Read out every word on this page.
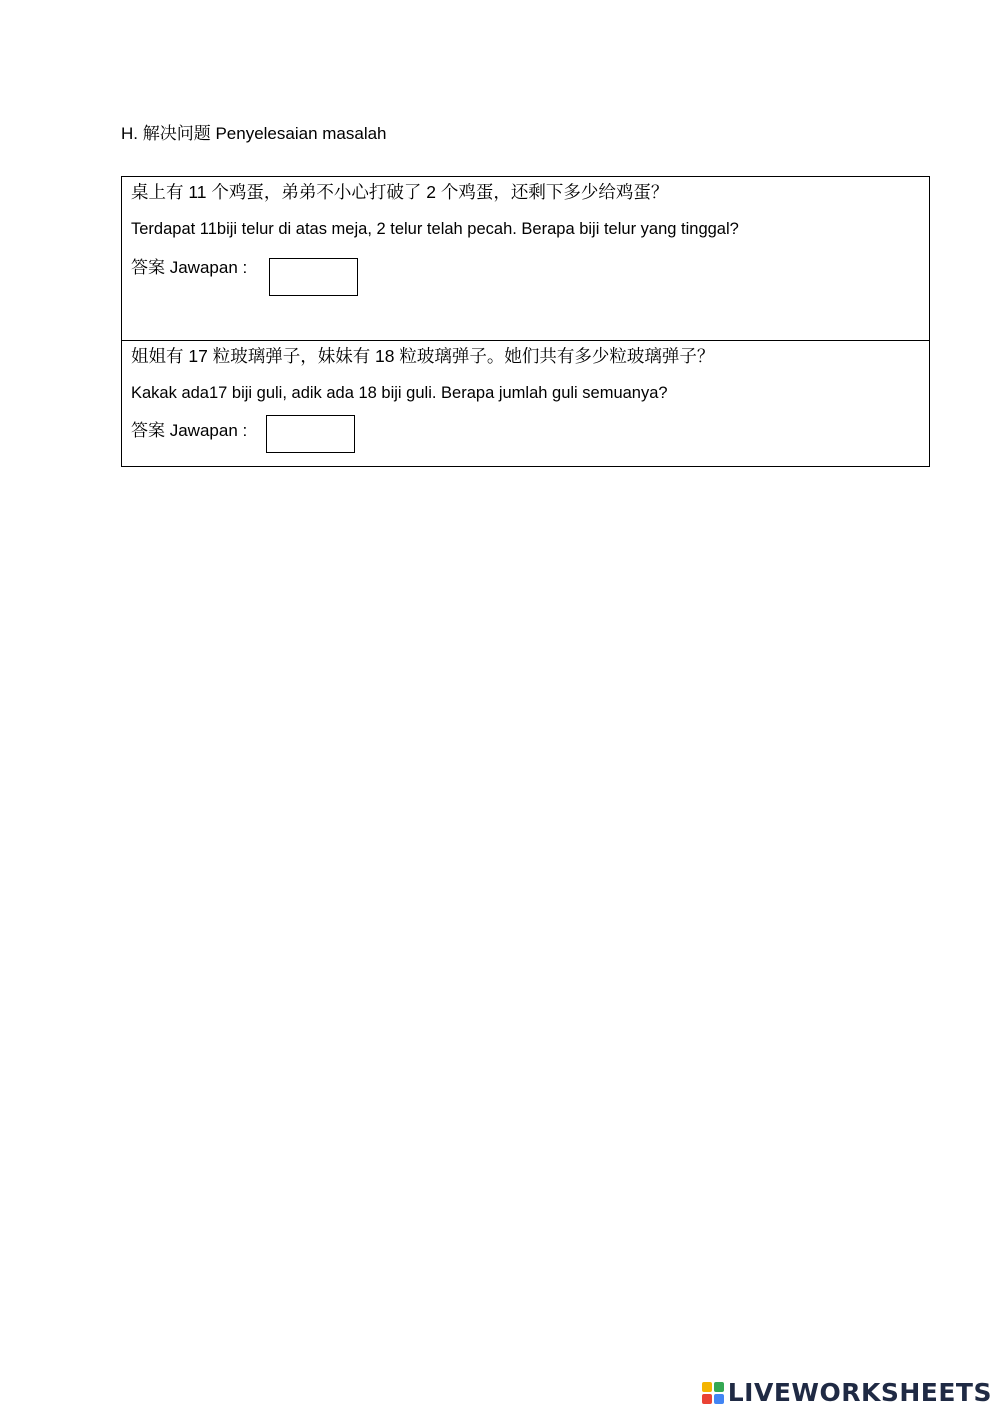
H. 解决问题 Penyelesaian masalah
桌上有 11 个鸡蛋，弟弟不小心打破了 2 个鸡蛋，还剩下多少给鸡蛋？
Terdapat 11biji telur di atas meja, 2 telur telah pecah. Berapa biji telur yang tinggal?
答案 Jawapan :
姐姐有 17 粒玻璃弹子，妹妹有 18 粒玻璃弹子。她们共有多少粒玻璃弹子？
Kakak ada17 biji guli, adik ada 18 biji guli. Berapa jumlah guli semuanya?
答案 Jawapan :
LIVEWORKSHEETS
